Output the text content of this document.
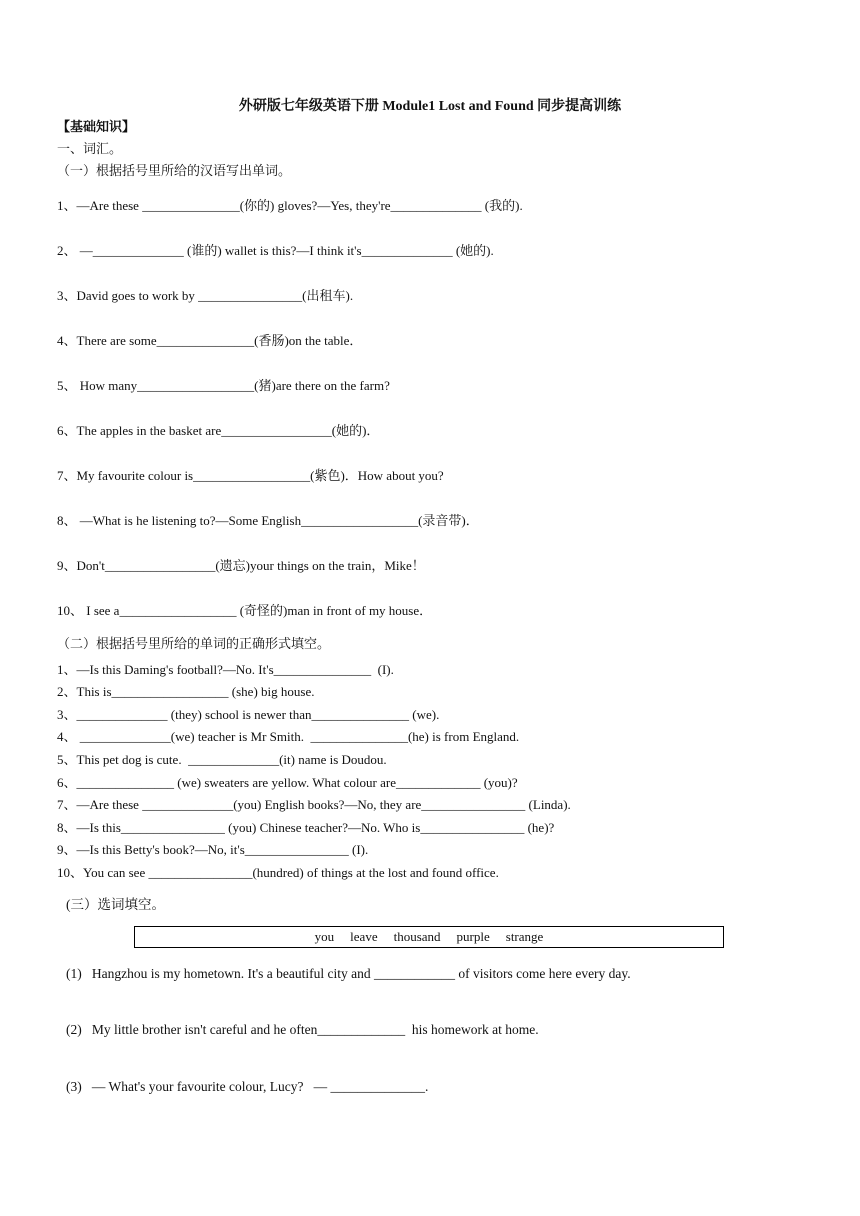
外研版七年级英语下册 Module1 Lost and Found 同步提高训练
【基础知识】
一、词汇。
（一）根据括号里所给的汉语写出单词。
1、—Are these _______________(你的) gloves?—Yes, they're______________ (我的).
2、 —______________ (谁的) wallet is this?—I think it's______________ (她的).
3、David goes to work by ________________(出租车).
4、There are some_______________(香肠)on the table．
5、 How many__________________(猪)are there on the farm?
6、The apples in the basket are_________________(她的)．
7、My favourite colour is__________________(紫色)．How about you?
8、 —What is he listening to?—Some English__________________(录音带)．
9、Don't_________________(遗忘)your things on the train，Mike！
10、 I see a__________________ (奇怪的)man in front of my house．
（二）根据括号里所给的单词的正确形式填空。
1、—Is this Daming's football?—No. It's_______________  (I).
2、This is__________________ (she) big house.
3、______________ (they) school is newer than_______________ (we).
4、 ______________(we) teacher is Mr Smith.  _______________(he) is from England.
5、This pet dog is cute.  ______________(it) name is Doudou.
6、_______________ (we) sweaters are yellow. What colour are_____________ (you)?
7、—Are these ______________(you) English books?—No, they are________________ (Linda).
8、—Is this________________ (you) Chinese teacher?—No. Who is________________ (he)?
9、—Is this Betty's book?—No, it's________________ (I).
10、You can see ________________(hundred) of things at the lost and found office.
(三）选词填空。
you leave thousand purple strange
(1)   Hangzhou is my hometown. It's a beautiful city and ____________ of visitors come here every day.
(2)   My little brother isn't careful and he often_____________  his homework at home.
(3)   — What's your favourite colour, Lucy?   — ______________.
